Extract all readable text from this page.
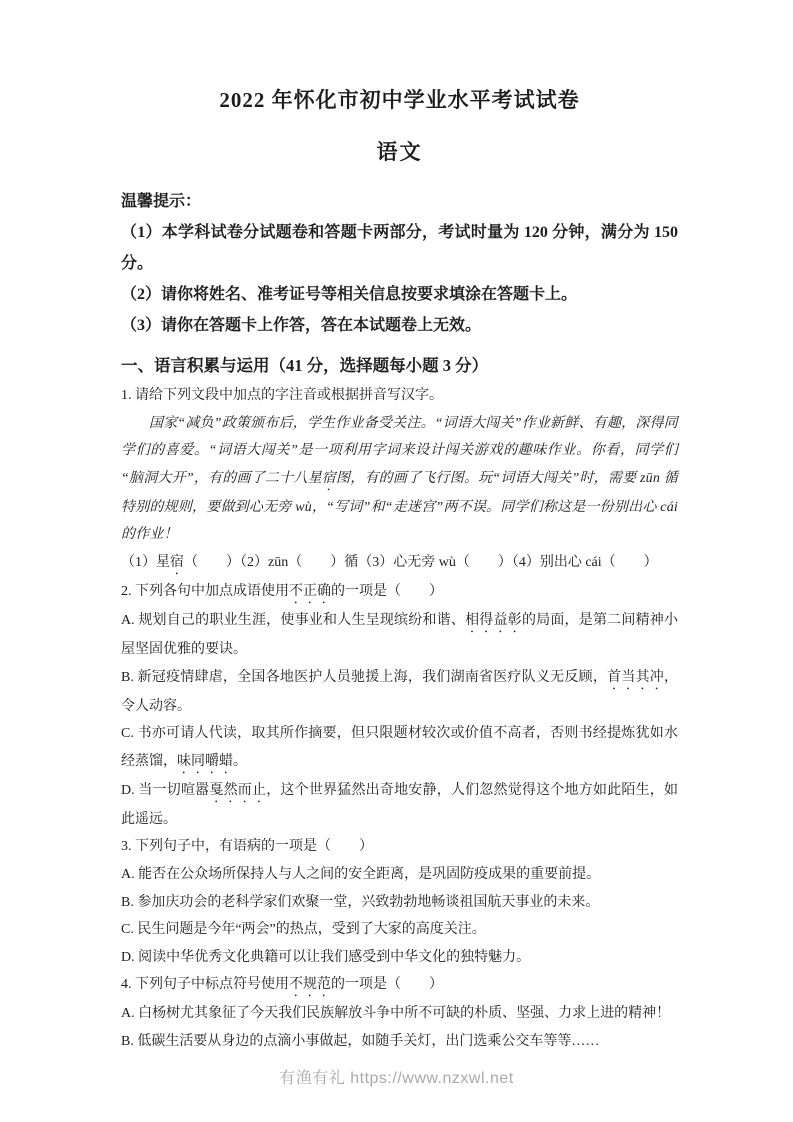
2022 年怀化市初中学业水平考试试卷
语文

温馨提示：

（1）本学科试卷分试题卷和答题卡两部分，考试时量为 120 分钟，满分为 150 分。

（2）请你将姓名、准考证号等相关信息按要求填涂在答题卡上。

（3）请你在答题卡上作答，答在本试题卷上无效。

一、语言积累与运用（41 分，选择题每小题 3 分）

1. 请给下列文段中加点的字注音或根据拼音写汉字。

国家“减负”政策颁布后，学生作业备受关注。“词语大闯关”作业新鲜、有趣，深得同学们的喜爱。“词语大闯关”是一项利用字词来设计闯关游戏的趣味作业。你看，同学们“脑洞大开”，有的画了二十八星宿图，有的画了飞行图。玩“词语大闯关”时，需要 zūn 循特别的规则，要做到心无旁 wù，“写词”和“走迷宫”两不误。同学们称这是一份别出心 cái 的作业！

（1）星宿（　　）（2）zūn（　　）循（3）心无旁 wù（　　）（4）别出心 cái（　　）

2. 下列各句中加点成语使用不正确的一项是（　　）

A. 规划自己的职业生涯，使事业和人生呈现缤纷和谐、相得益彰的局面，是第二间精神小屋坚固优雅的要诀。

B. 新冠疫情肆虐，全国各地医护人员驰援上海，我们湖南省医疗队义无反顾，首当其冲，令人动容。

C. 书亦可请人代读，取其所作摘要，但只限题材较次或价值不高者，否则书经提炼犹如水经蒸馏，味同嚼蜡。

D. 当一切喧嚣戛然而止，这个世界猛然出奇地安静，人们忽然觉得这个地方如此陌生，如此遥远。

3. 下列句子中，有语病的一项是（　　）

A. 能否在公众场所保持人与人之间的安全距离，是巩固防疫成果的重要前提。

B. 参加庆功会的老科学家们欢聚一堂，兴致勃勃地畅谈祖国航天事业的未来。

C. 民生问题是今年“两会”的热点，受到了大家的高度关注。

D. 阅读中华优秀文化典籍可以让我们感受到中华文化的独特魅力。

4. 下列句子中标点符号使用不规范的一项是（　　）

A. 白杨树尤其象征了今天我们民族解放斗争中所不可缺的朴质、坚强、力求上进的精神！

B. 低碳生活要从身边的点滴小事做起，如随手关灯，出门选乘公交车等等……

有渔有礼 https://www.nzxwl.net
